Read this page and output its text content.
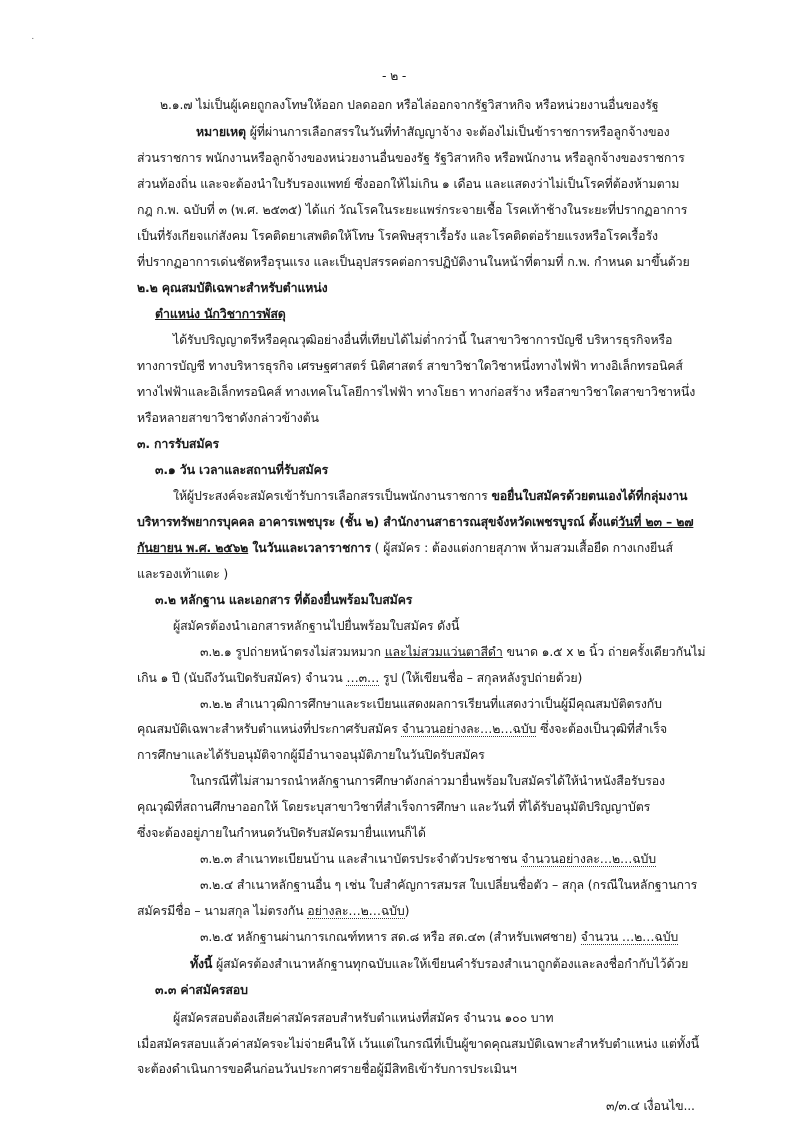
˙
- ๒ -
๒.๑.๗ ไม่เป็นผู้เคยถูกลงโทษให้ออก ปลดออก หรือไล่ออกจากรัฐวิสาหกิจ หรือหน่วยงานอื่นของรัฐ
หมายเหตุ ผู้ที่ผ่านการเลือกสรรในวันที่ทำสัญญาจ้าง จะต้องไม่เป็นข้าราชการหรือลูกจ้างของ
ส่วนราชการ พนักงานหรือลูกจ้างของหน่วยงานอื่นของรัฐ รัฐวิสาหกิจ หรือพนักงาน หรือลูกจ้างของราชการ
ส่วนท้องถิ่น และจะต้องนำใบรับรองแพทย์ ซึ่งออกให้ไม่เกิน ๑ เดือน และแสดงว่าไม่เป็นโรคที่ต้องห้ามตาม
กฎ ก.พ. ฉบับที่ ๓ (พ.ศ. ๒๕๓๕) ได้แก่ วัณโรคในระยะแพร่กระจายเชื้อ โรคเท้าช้างในระยะที่ปรากฏอาการ
เป็นที่รังเกียจแก่สังคม โรคติดยาเสพติดให้โทษ โรคพิษสุราเรื้อรัง และโรคติดต่อร้ายแรงหรือโรคเรื้อรัง
ที่ปรากฏอาการเด่นชัดหรือรุนแรง และเป็นอุปสรรคต่อการปฏิบัติงานในหน้าที่ตามที่ ก.พ. กำหนด มาขึ้นด้วย
๒.๒ คุณสมบัติเฉพาะสำหรับตำแหน่ง
ตำแหน่ง นักวิชาการพัสดุ
ได้รับปริญญาตรีหรือคุณวุฒิอย่างอื่นที่เทียบได้ไม่ต่ำกว่านี้ ในสาขาวิชาการบัญชี บริหารธุรกิจหรือ
ทางการบัญชี ทางบริหารธุรกิจ เศรษฐศาสตร์ นิติศาสตร์ สาขาวิชาใดวิชาหนึ่งทางไฟฟ้า ทางอิเล็กทรอนิคส์
ทางไฟฟ้าและอิเล็กทรอนิคส์ ทางเทคโนโลยีการไฟฟ้า ทางโยธา ทางก่อสร้าง หรือสาขาวิชาใดสาขาวิชาหนึ่ง
หรือหลายสาขาวิชาดังกล่าวข้างต้น
๓. การรับสมัคร
๓.๑ วัน เวลาและสถานที่รับสมัคร
ให้ผู้ประสงค์จะสมัครเข้ารับการเลือกสรรเป็นพนักงานราชการ ขอยื่นใบสมัครด้วยตนเองได้ที่กลุ่มงาน
บริหารทรัพยากรบุคคล อาคารเพชบุระ (ชั้น ๒) สำนักงานสาธารณสุขจังหวัดเพชรบูรณ์ ตั้งแต่วันที่ ๒๓ – ๒๗
กันยายน พ.ศ. ๒๕๖๒ ในวันและเวลาราชการ ( ผู้สมัคร : ต้องแต่งกายสุภาพ ห้ามสวมเสื้อยืด กางเกงยีนส์
และรองเท้าแตะ )
๓.๒ หลักฐาน และเอกสาร ที่ต้องยื่นพร้อมใบสมัคร
ผู้สมัครต้องนำเอกสารหลักฐานไปยื่นพร้อมใบสมัคร ดังนี้
๓.๒.๑ รูปถ่ายหน้าตรงไม่สวมหมวก และไม่สวมแว่นตาสีดำ ขนาด ๑.๕ x ๒ นิ้ว ถ่ายครั้งเดียวกันไม่
เกิน ๑ ปี (นับถึงวันเปิดรับสมัคร) จำนวน …๓… รูป (ให้เขียนชื่อ – สกุลหลังรูปถ่ายด้วย)
๓.๒.๒ สำเนาวุฒิการศึกษาและระเบียนแสดงผลการเรียนที่แสดงว่าเป็นผู้มีคุณสมบัติตรงกับ
คุณสมบัติเฉพาะสำหรับตำแหน่งที่ประกาศรับสมัคร จำนวนอย่างละ…๒…ฉบับ ซึ่งจะต้องเป็นวุฒิที่สำเร็จ
การศึกษาและได้รับอนุมัติจากผู้มีอำนาจอนุมัติภายในวันปิดรับสมัคร
ในกรณีที่ไม่สามารถนำหลักฐานการศึกษาดังกล่าวมายื่นพร้อมใบสมัครได้ให้นำหนังสือรับรอง
คุณวุฒิที่สถานศึกษาออกให้ โดยระบุสาขาวิชาที่สำเร็จการศึกษา และวันที่ ที่ได้รับอนุมัติปริญญาบัตร
ซึ่งจะต้องอยู่ภายในกำหนดวันปิดรับสมัครมายื่นแทนก็ได้
๓.๒.๓ สำเนาทะเบียนบ้าน และสำเนาบัตรประจำตัวประชาชน จำนวนอย่างละ…๒…ฉบับ
๓.๒.๔ สำเนาหลักฐานอื่น ๆ เช่น ใบสำคัญการสมรส ใบเปลี่ยนชื่อตัว – สกุล (กรณีในหลักฐานการ
สมัครมีชื่อ – นามสกุล ไม่ตรงกัน อย่างละ…๒…ฉบับ)
๓.๒.๕ หลักฐานผ่านการเกณฑ์ทหาร สด.๘ หรือ สด.๔๓ (สำหรับเพศชาย) จำนวน …๒…ฉบับ
ทั้งนี้ ผู้สมัครต้องสำเนาหลักฐานทุกฉบับและให้เขียนคำรับรองสำเนาถูกต้องและลงชื่อกำกับไว้ด้วย
๓.๓ ค่าสมัครสอบ
ผู้สมัครสอบต้องเสียค่าสมัครสอบสำหรับตำแหน่งที่สมัคร จำนวน ๑๐๐ บาท
เมื่อสมัครสอบแล้วค่าสมัครจะไม่จ่ายคืนให้ เว้นแต่ในกรณีที่เป็นผู้ขาดคุณสมบัติเฉพาะสำหรับตำแหน่ง แต่ทั้งนี้
จะต้องดำเนินการขอคืนก่อนวันประกาศรายชื่อผู้มีสิทธิเข้ารับการประเมินฯ
๓/๓.๔ เงื่อนไข...
